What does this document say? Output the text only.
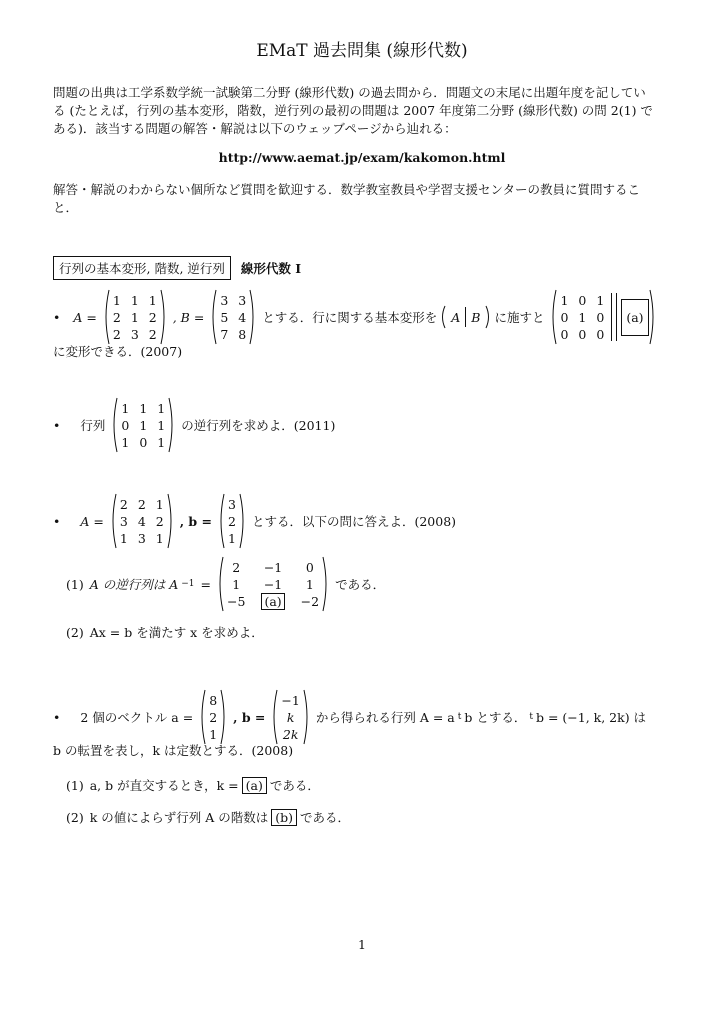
EMaT 過去問集 (線形代数)
問題の出典は工学系数学統一試験第二分野 (線形代数) の過去問から．問題文の末尾に出題年度を記している (たとえば，行列の基本変形，階数，逆行列の最初の問題は 2007 年度第二分野 (線形代数) の問 2(1) である)．該当する問題の解答・解説は以下のウェッブページから辿れる：
http://www.aemat.jp/exam/kakomon.html
解答・解説のわからない個所など質問を歓迎する．数学教室教員や学習支援センターの教員に質問すること．
行列の基本変形, 階数, 逆行列	線形代数 I
• A =
1 1 1
2 1 2
2 3 2
, B =
3 3
5 4
7 8
とする．行に関する基本変形を A B に施すと
1 0 1
0 1 0
0 0 0
(a)
に変形できる．(2007)
• 行列
1 1 1
0 1 1
1 0 1
の逆行列を求めよ．(2011)
• A =
2 2 1
3 4 2
1 3 1
, b =
3
2
1
とする．以下の問に答えよ．(2008)
(1) A の逆行列は A −1 =
2	−1	0
1	−1	1
−5 (a) −2
である．
(2) Ax = b を満たす x を求めよ．
• 2 個のベクトル a =
8
2
1
, b =
−1
k
2k
から得られる行列 A = a t b とする． t b = (−1, k, 2k) は
b の転置を表し，k は定数とする．(2008)
(1) a, b が直交するとき，k = (a) である．
(2) k の値によらず行列 A の階数は (b) である．
1
